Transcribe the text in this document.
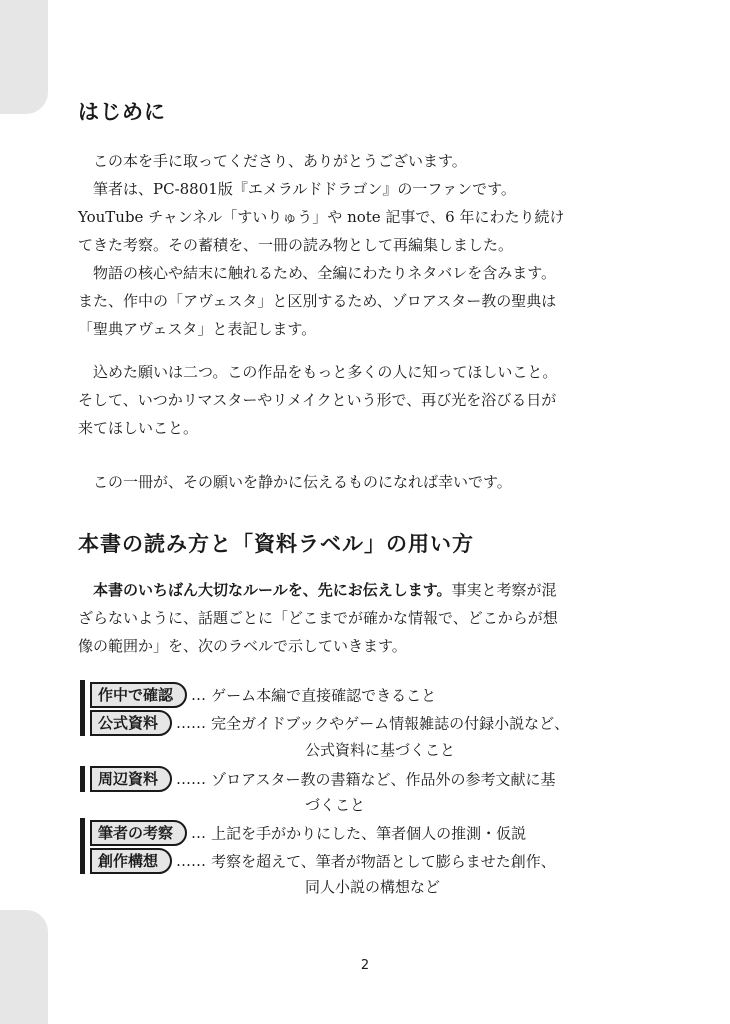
はじめに

　この本を手に取ってくださり、ありがとうございます。
　筆者は、PC-8801版『エメラルドドラゴン』の一ファンです。
YouTube チャンネル「すいりゅう」や note 記事で、6 年にわたり続け
てきた考察。その蓄積を、一冊の読み物として再編集しました。
　物語の核心や結末に触れるため、全編にわたりネタバレを含みます。
また、作中の「アヴェスタ」と区別するため、ゾロアスター教の聖典は
「聖典アヴェスタ」と表記します。

　込めた願いは二つ。この作品をもっと多くの人に知ってほしいこと。
そして、いつかリマスターやリメイクという形で、再び光を浴びる日が
来てほしいこと。

　この一冊が、その願いを静かに伝えるものになれば幸いです。

本書の読み方と「資料ラベル」の用い方

　本書のいちばん大切なルールを、先にお伝えします。事実と考察が混
ざらないように、話題ごとに「どこまでが確かな情報で、どこからが想
像の範囲か」を、次のラベルで示していきます。

作中で確認 … ゲーム本編で直接確認できること
公式資料 …… 完全ガイドブックやゲーム情報雑誌の付録小説など、
公式資料に基づくこと
周辺資料 …… ゾロアスター教の書籍など、作品外の参考文献に基
づくこと
筆者の考察 … 上記を手がかりにした、筆者個人の推測・仮説
創作構想 …… 考察を超えて、筆者が物語として膨らませた創作、
同人小説の構想など
2
